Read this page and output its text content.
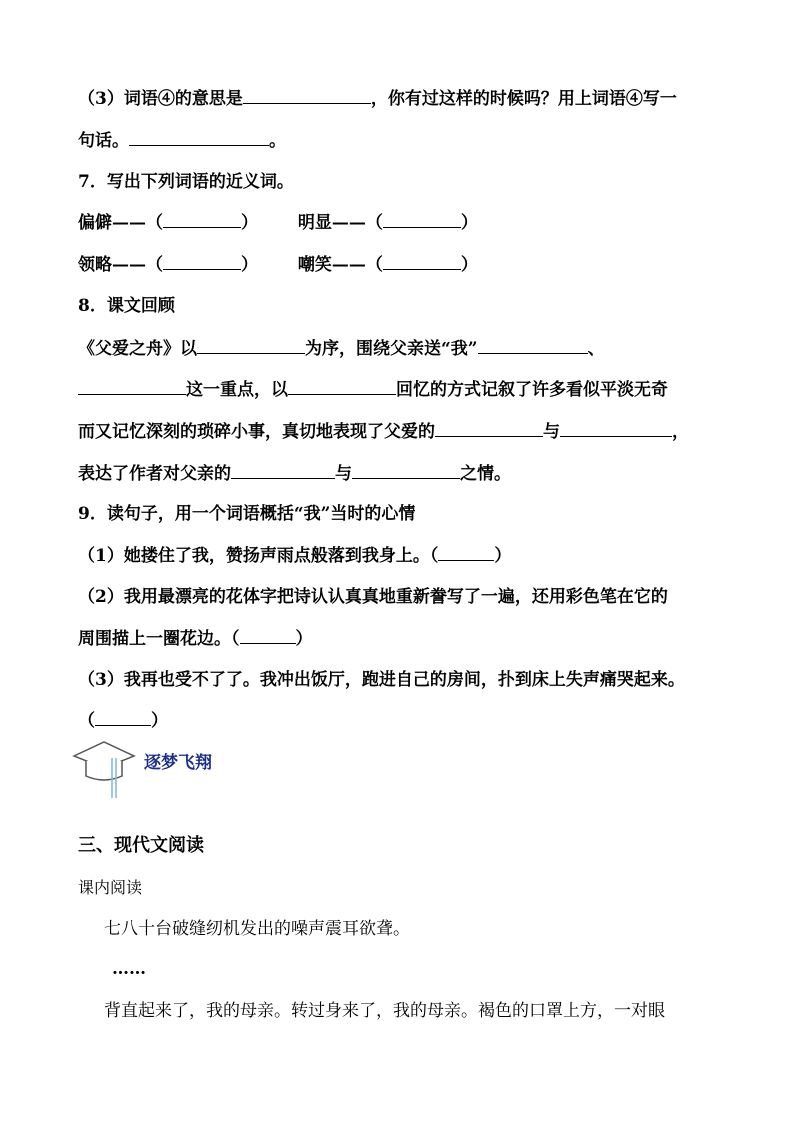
（3）词语④的意思是	，你有过这样的时候吗？用上词语④写一
句话。	。
7．写出下列词语的近义词。
偏僻——（	） 明显——（	）
领略——（	） 嘲笑——（	）
8．课文回顾
《父爱之舟》以	为序，围绕父亲送“我”	、
这一重点，以	回忆的方式记叙了许多看似平淡无奇
而又记忆深刻的琐碎小事，真切地表现了父爱的	与	，
表达了作者对父亲的	与	之情。
9．读句子，用一个词语概括“我”当时的心情
（1）她搂住了我，赞扬声雨点般落到我身上。（	）
（2）我用最漂亮的花体字把诗认认真真地重新誊写了一遍，还用彩色笔在它的
周围描上一圈花边。（	）
（3）我再也受不了了。我冲出饭厅，跑进自己的房间，扑到床上失声痛哭起来。
（	）
逐梦飞翔
三、现代文阅读
课内阅读
七八十台破缝纫机发出的噪声震耳欲聋。
……
背直起来了，我的母亲。转过身来了，我的母亲。褐色的口罩上方，一对眼
